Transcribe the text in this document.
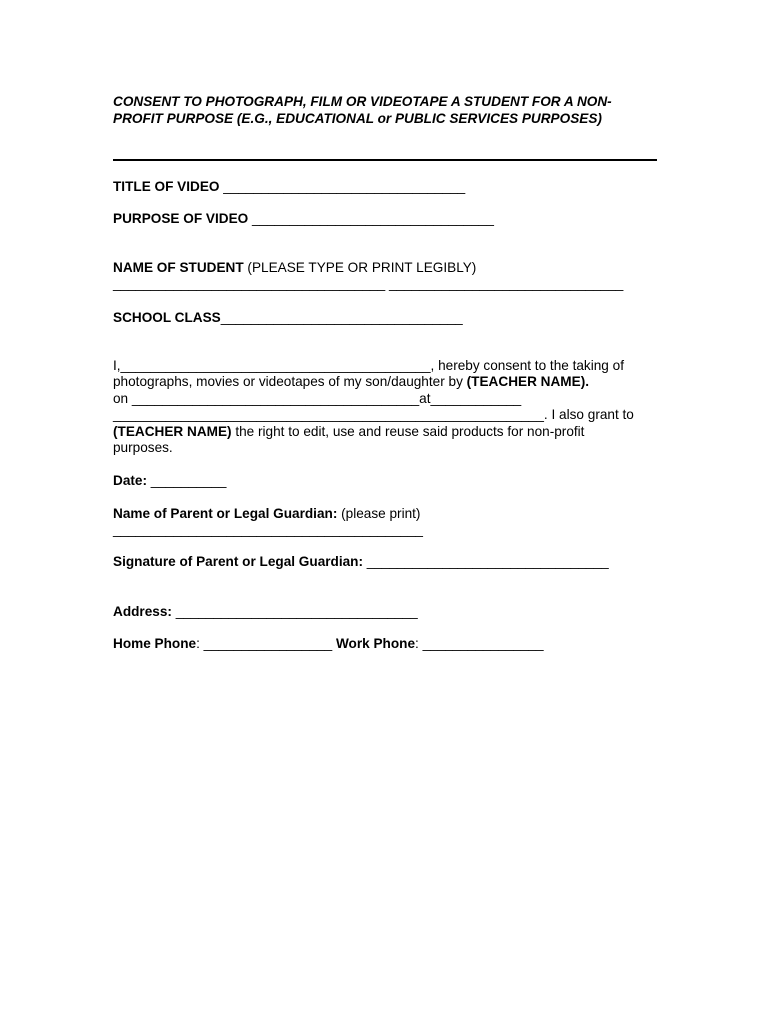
CONSENT TO PHOTOGRAPH, FILM OR VIDEOTAPE A STUDENT FOR A NON-
PROFIT PURPOSE (E.G., EDUCATIONAL or PUBLIC SERVICES PURPOSES)
TITLE OF VIDEO ________________________________
PURPOSE OF VIDEO ________________________________
NAME OF STUDENT (PLEASE TYPE OR PRINT LEGIBLY)
____________________________________ _______________________________
SCHOOL CLASS________________________________
I,_________________________________________, hereby consent to the taking of
photographs, movies or videotapes of my son/daughter by (TEACHER NAME).
on ______________________________________at____________
_________________________________________________________. I also grant to
(TEACHER NAME) the right to edit, use and reuse said products for non-profit
purposes.
Date: __________
Name of Parent or Legal Guardian: (please print)
_________________________________________
Signature of Parent or Legal Guardian: ________________________________
Address: ________________________________
Home Phone: _________________ Work Phone: ________________
